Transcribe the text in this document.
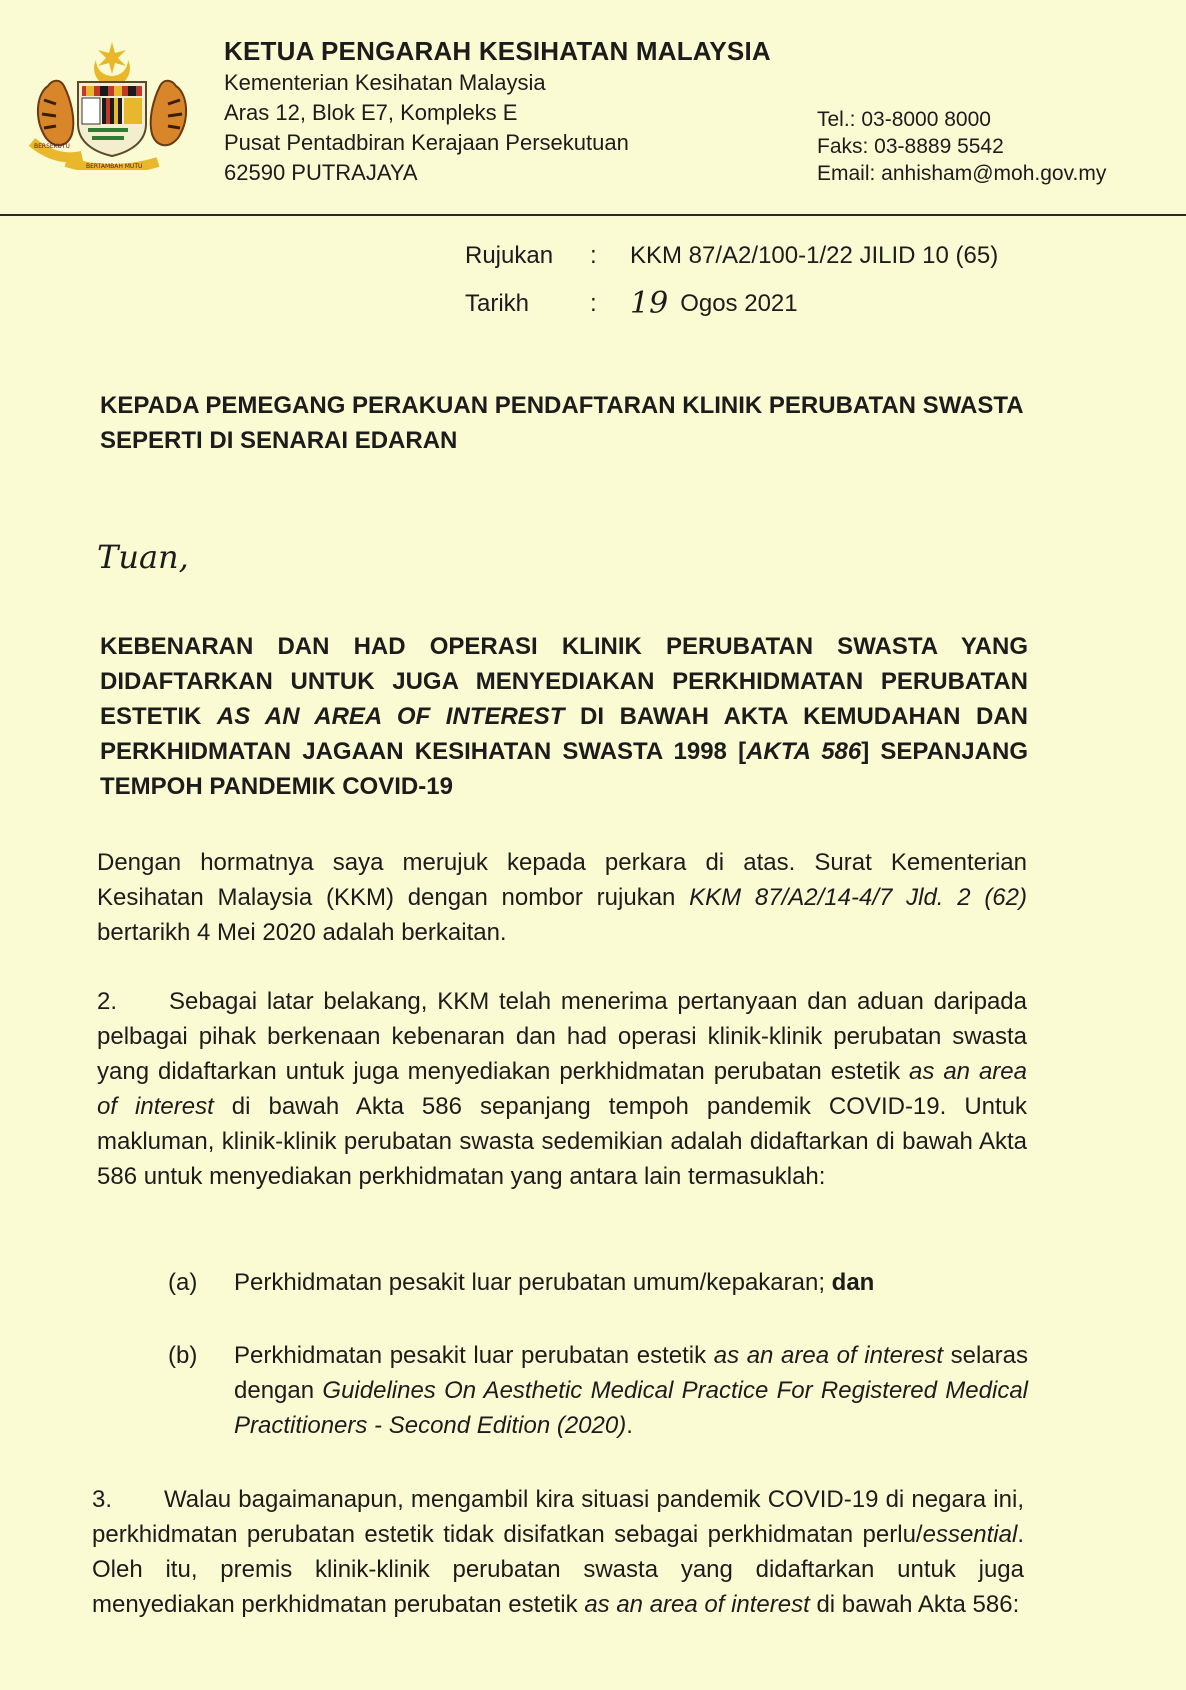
BERSEKUTU
BERTAMBAH MUTU
KETUA PENGARAH KESIHATAN MALAYSIA
Kementerian Kesihatan Malaysia
Aras 12, Blok E7, Kompleks E
Pusat Pentadbiran Kerajaan Persekutuan
62590 PUTRAJAYA
Tel.: 03-8000 8000
Faks: 03-8889 5542
Email: anhisham@moh.gov.my
Rujukan	:	KKM 87/A2/100-1/22 JILID 10 (65)
Tarikh	:	19 Ogos 2021
KEPADA PEMEGANG PERAKUAN PENDAFTARAN KLINIK PERUBATAN SWASTA SEPERTI DI SENARAI EDARAN
Tuan,
KEBENARAN DAN HAD OPERASI KLINIK PERUBATAN SWASTA YANG DIDAFTARKAN UNTUK JUGA MENYEDIAKAN PERKHIDMATAN PERUBATAN ESTETIK AS AN AREA OF INTEREST DI BAWAH AKTA KEMUDAHAN DAN PERKHIDMATAN JAGAAN KESIHATAN SWASTA 1998 [AKTA 586] SEPANJANG TEMPOH PANDEMIK COVID-19
Dengan hormatnya saya merujuk kepada perkara di atas. Surat Kementerian Kesihatan Malaysia (KKM) dengan nombor rujukan KKM 87/A2/14-4/7 Jld. 2 (62) bertarikh 4 Mei 2020 adalah berkaitan.
2. Sebagai latar belakang, KKM telah menerima pertanyaan dan aduan daripada pelbagai pihak berkenaan kebenaran dan had operasi klinik-klinik perubatan swasta yang didaftarkan untuk juga menyediakan perkhidmatan perubatan estetik as an area of interest di bawah Akta 586 sepanjang tempoh pandemik COVID-19. Untuk makluman, klinik-klinik perubatan swasta sedemikian adalah didaftarkan di bawah Akta 586 untuk menyediakan perkhidmatan yang antara lain termasuklah:
(a)	Perkhidmatan pesakit luar perubatan umum/kepakaran; dan
(b)	Perkhidmatan pesakit luar perubatan estetik as an area of interest selaras dengan Guidelines On Aesthetic Medical Practice For Registered Medical Practitioners - Second Edition (2020).
3. Walau bagaimanapun, mengambil kira situasi pandemik COVID-19 di negara ini, perkhidmatan perubatan estetik tidak disifatkan sebagai perkhidmatan perlu/essential. Oleh itu, premis klinik-klinik perubatan swasta yang didaftarkan untuk juga menyediakan perkhidmatan perubatan estetik as an area of interest di bawah Akta 586:
